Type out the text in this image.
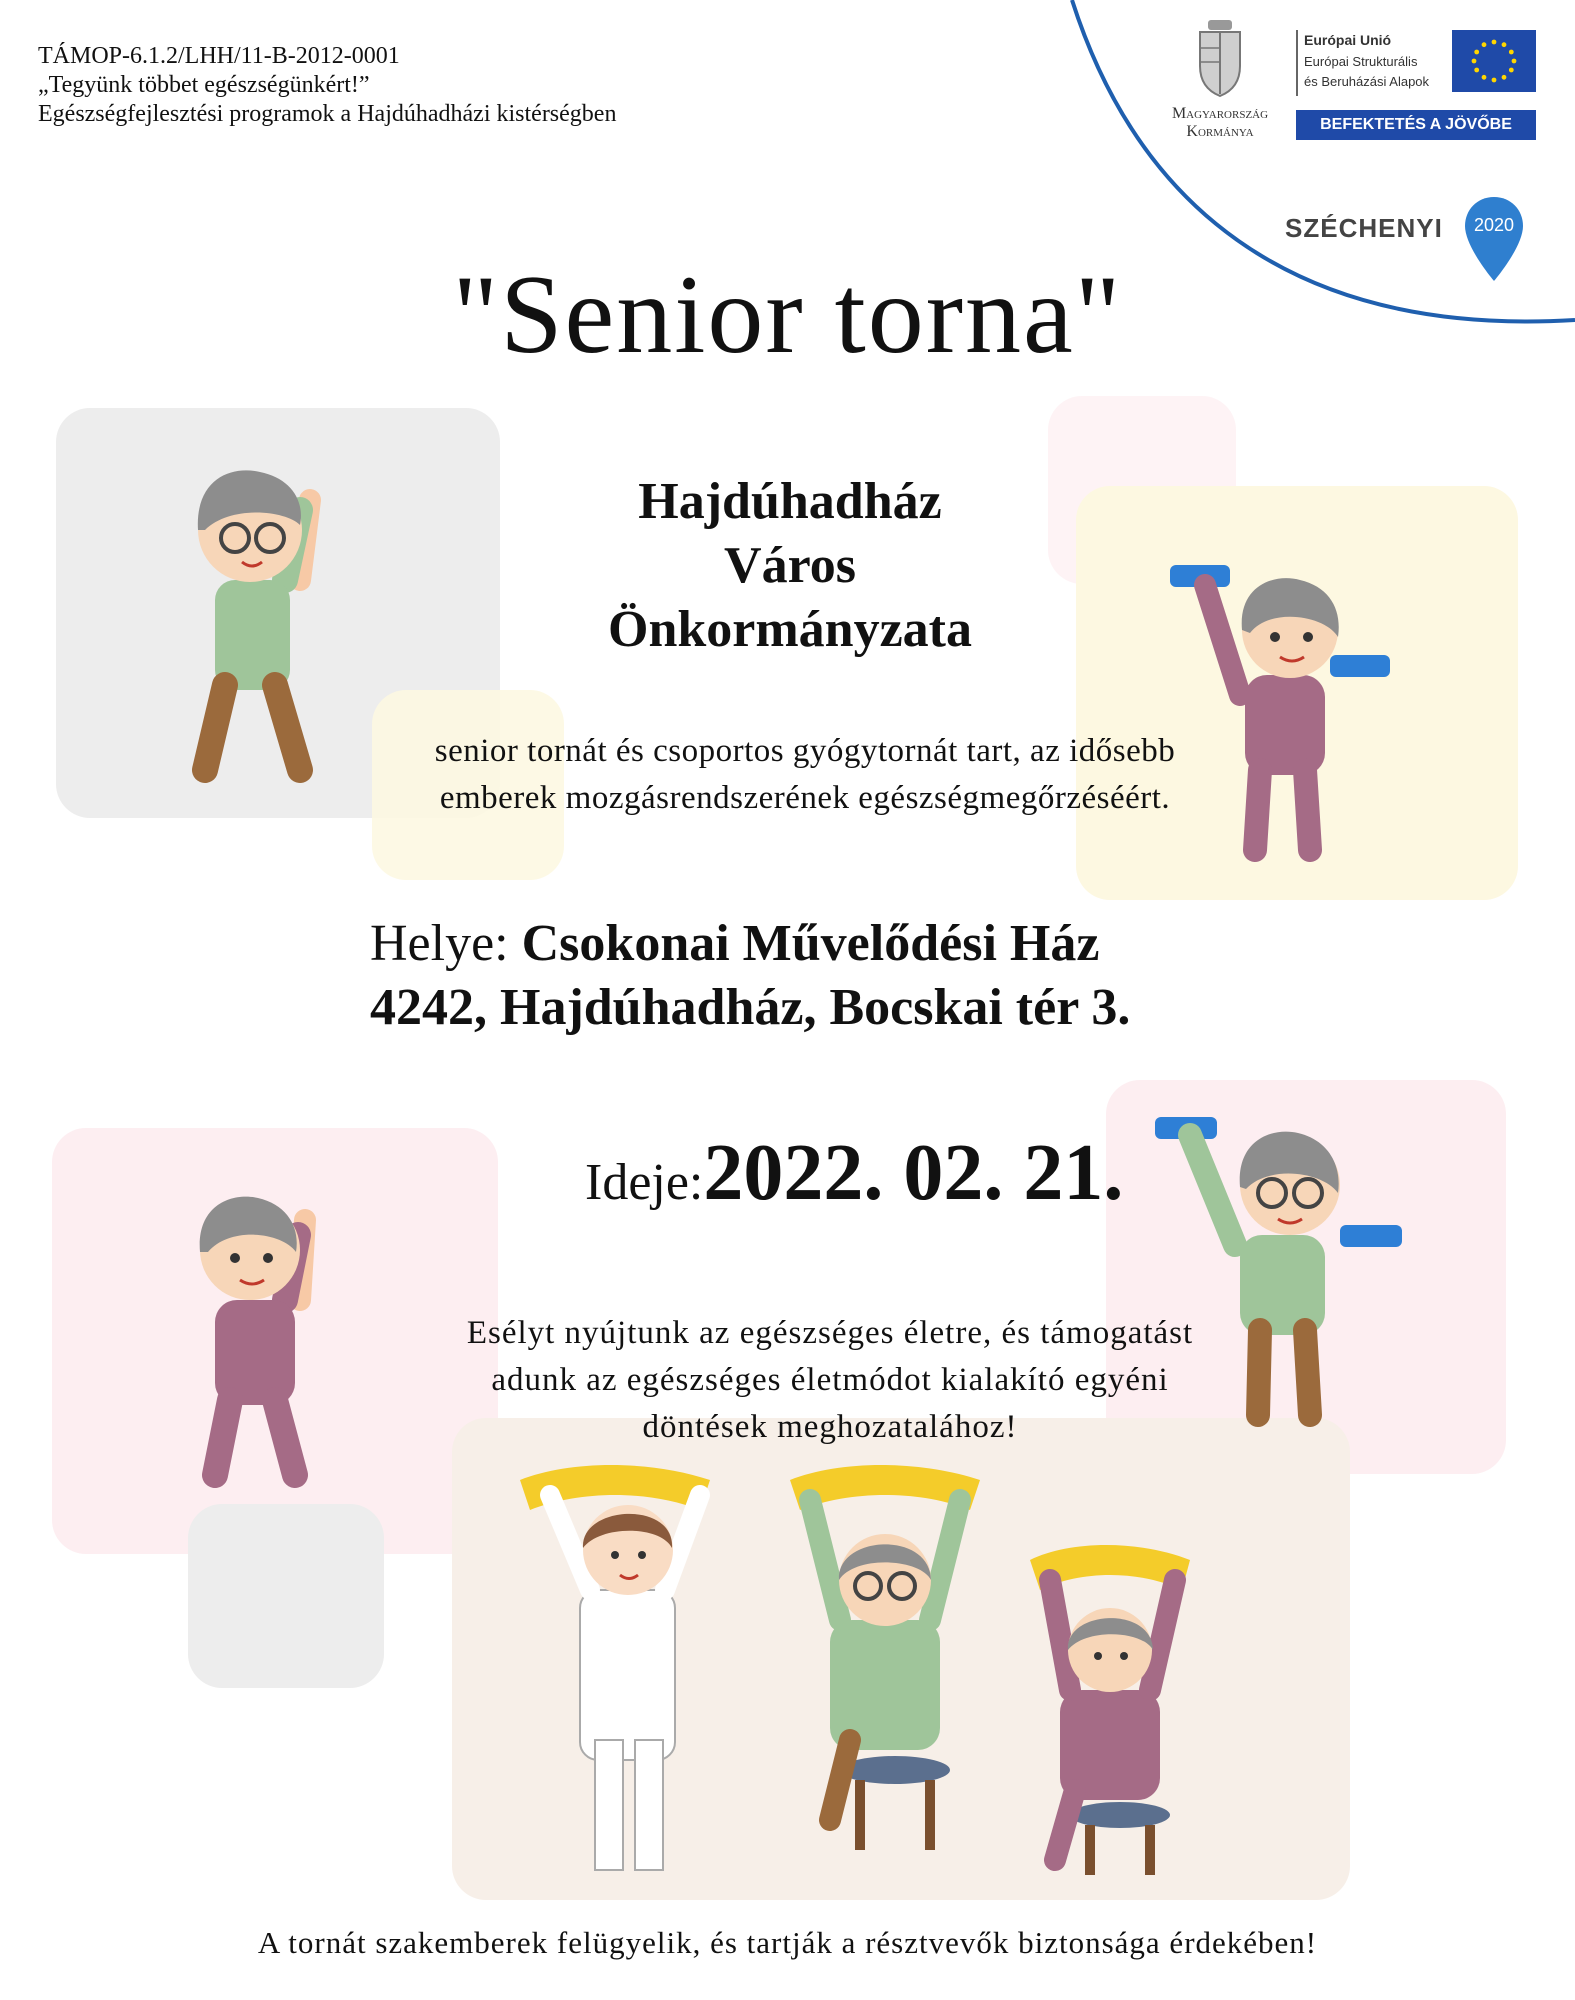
TÁMOP-6.1.2/LHH/11-B-2012-0001
„Tegyünk többet egészségünkért!”
Egészségfejlesztési programok a Hajdúhadházi kistérségben	Magyarország
Kormánya
Európai Unió
Európai Strukturális
és Beruházási Alapok
BEFEKTETÉS A JÖVŐBE
SZÉCHENYI	2020
"Senior torna"
Hajdúhadház
Város
Önkormányzata
senior tornát és csoportos gyógytornát tart, az idősebb
emberek mozgásrendszerének egészségmegőrzéséért.
Helye: Csokonai Művelődési Ház
4242, Hajdúhadház, Bocskai tér 3.
Ideje:2022. 02. 21.
Esélyt nyújtunk az egészséges életre, és támogatást
adunk az egészséges életmódot kialakító egyéni
döntések meghozatalához!
A tornát szakemberek felügyelik, és tartják a résztvevők biztonsága érdekében!
